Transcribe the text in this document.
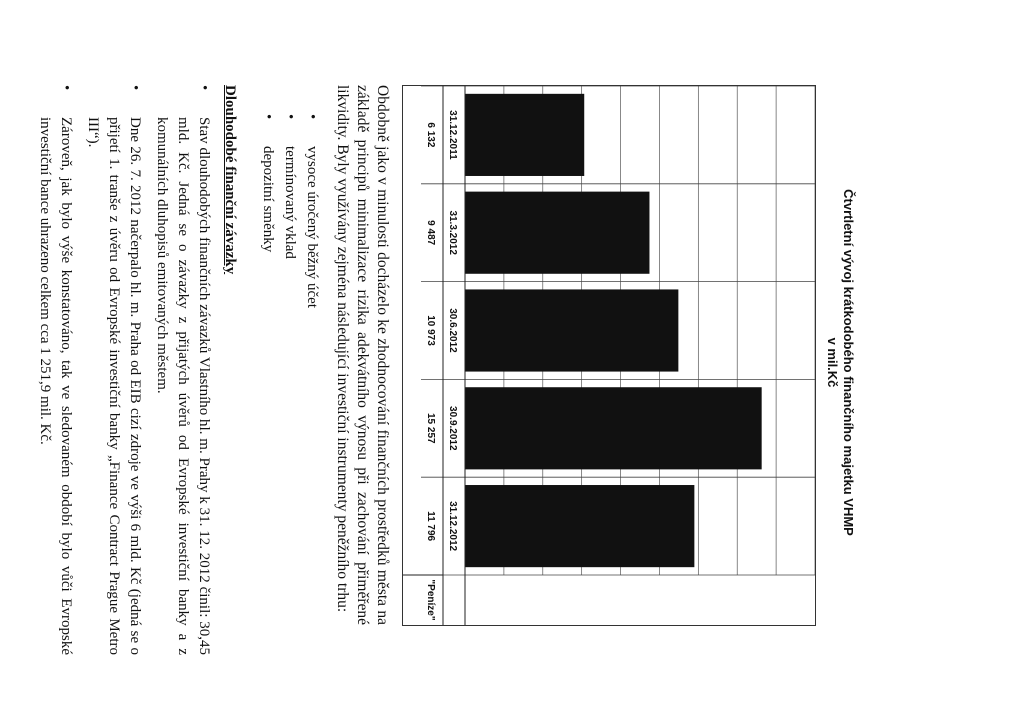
Čtvrtletní vývoj krátkodobého finančního majetku VHMP
v mil.Kč
31.12.2011
6 132
31.3.2012
9 487
30.6.2012
10 973
30.9.2012
15 257
31.12.2012
11 796
"Peníze"
Obdobně jako v minulosti docházelo ke zhodnocování finančních prostředků města na základě principů minimalizace rizika adekvátního výnosu při zachování přiměřené likvidity. Byly využívány zejména následující investiční instrumenty peněžního trhu:
•
vysoce úročený běžný účet
•
termínovaný vklad
•
depozitní směnky
Dlouhodobé finanční závazky
•
Stav dlouhodobých finančních závazků Vlastního hl. m. Prahy k 31. 12. 2012 činil: 30,45 mld. Kč. Jedná se o závazky z přijatých úvěrů od Evropské investiční banky a z komunálních dluhopisů emitovaných městem.
•
Dne 26. 7. 2012 načerpalo hl. m. Praha od EIB cizí zdroje ve výši 6 mld. Kč (jedná se o přijetí 1. tranše z úvěru od Evropské investiční banky „Finance Contract Prague Metro III“).
•
Zároveň, jak bylo výše konstatováno, tak ve sledovaném období bylo vůči Evropské investiční bance uhrazeno celkem cca 1 251,9 mil. Kč.
